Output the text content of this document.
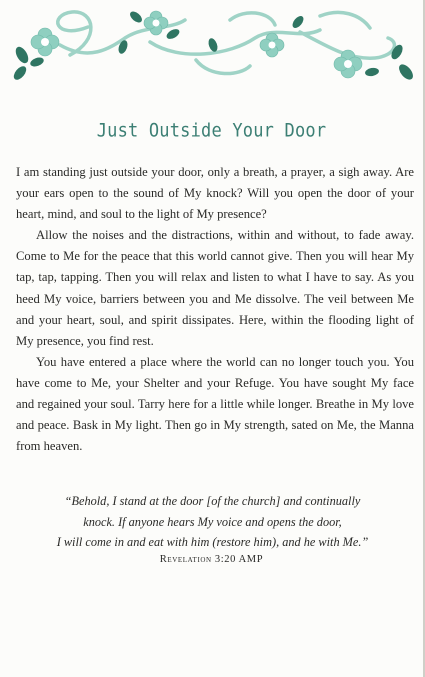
Just Outside Your Door

I am standing just outside your door, only a breath, a prayer, a sigh away. Are your ears open to the sound of My knock? Will you open the door of your heart, mind, and soul to the light of My presence?

Allow the noises and the distractions, within and without, to fade away. Come to Me for the peace that this world cannot give. Then you will hear My tap, tap, tapping. Then you will relax and listen to what I have to say. As you heed My voice, barriers between you and Me dissolve. The veil between Me and your heart, soul, and spirit dissipates. Here, within the flooding light of My presence, you find rest.

You have entered a place where the world can no longer touch you. You have come to Me, your Shelter and your Refuge. You have sought My face and regained your soul. Tarry here for a little while longer. Breathe in My love and peace. Bask in My light. Then go in My strength, sated on Me, the Manna from heaven.

“Behold, I stand at the door [of the church] and continually
knock. If anyone hears My voice and opens the door,
I will come in and eat with him (restore him), and he with Me.”
Revelation 3:20 AMP
